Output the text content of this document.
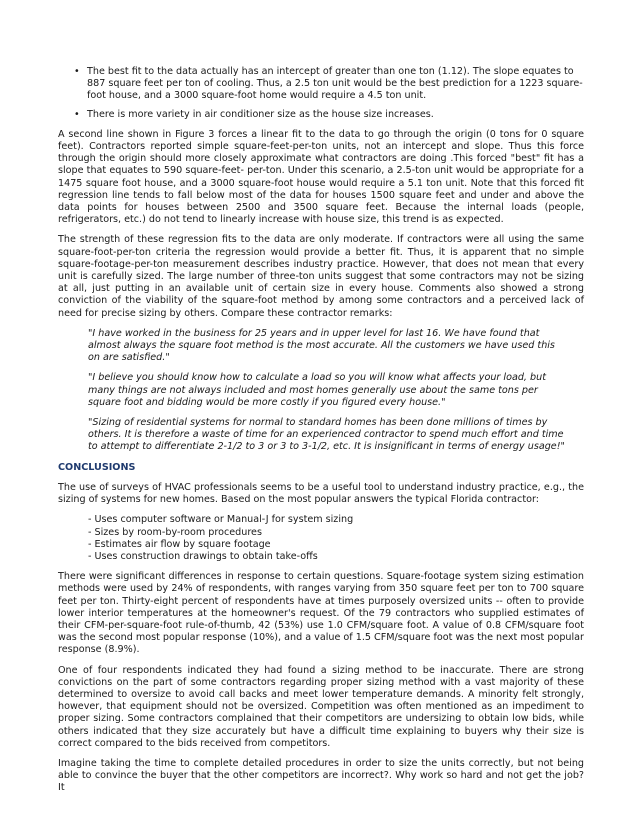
• The best fit to the data actually has an intercept of greater than one ton (1.12). The slope equates to 887 square feet per ton of cooling. Thus, a 2.5 ton unit would be the best prediction for a 1223 square-foot house, and a 3000 square-foot home would require a 4.5 ton unit.
• There is more variety in air conditioner size as the house size increases.

A second line shown in Figure 3 forces a linear fit to the data to go through the origin (0 tons for 0 square feet). Contractors reported simple square-feet-per-ton units, not an intercept and slope. Thus this force through the origin should more closely approximate what contractors are doing .This forced "best" fit has a slope that equates to 590 square-feet- per-ton. Under this scenario, a 2.5-ton unit would be appropriate for a 1475 square foot house, and a 3000 square-foot house would require a 5.1 ton unit. Note that this forced fit regression line tends to fall below most of the data for houses 1500 square feet and under and above the data points for houses between 2500 and 3500 square feet. Because the internal loads (people, refrigerators, etc.) do not tend to linearly increase with house size, this trend is as expected.

The strength of these regression fits to the data are only moderate. If contractors were all using the same square-foot-per-ton criteria the regression would provide a better fit. Thus, it is apparent that no simple square-footage-per-ton measurement describes industry practice. However, that does not mean that every unit is carefully sized. The large number of three-ton units suggest that some contractors may not be sizing at all, just putting in an available unit of certain size in every house. Comments also showed a strong conviction of the viability of the square-foot method by among some contractors and a perceived lack of need for precise sizing by others. Compare these contractor remarks:

"I have worked in the business for 25 years and in upper level for last 16. We have found that almost always the square foot method is the most accurate. All the customers we have used this on are satisfied."

"I believe you should know how to calculate a load so you will know what affects your load, but many things are not always included and most homes generally use about the same tons per square foot and bidding would be more costly if you figured every house."

"Sizing of residential systems for normal to standard homes has been done millions of times by others. It is therefore a waste of time for an experienced contractor to spend much effort and time to attempt to differentiate 2-1/2 to 3 or 3 to 3-1/2, etc. It is insignificant in terms of energy usage!"

CONCLUSIONS

The use of surveys of HVAC professionals seems to be a useful tool to understand industry practice, e.g., the sizing of systems for new homes. Based on the most popular answers the typical Florida contractor:

- Uses computer software or Manual-J for system sizing
- Sizes by room-by-room procedures
- Estimates air flow by square footage
- Uses construction drawings to obtain take-offs

There were significant differences in response to certain questions. Square-footage system sizing estimation methods were used by 24% of respondents, with ranges varying from 350 square feet per ton to 700 square feet per ton. Thirty-eight percent of respondents have at times purposely oversized units -- often to provide lower interior temperatures at the homeowner's request. Of the 79 contractors who supplied estimates of their CFM-per-square-foot rule-of-thumb, 42 (53%) use 1.0 CFM/square foot. A value of 0.8 CFM/square foot was the second most popular response (10%), and a value of 1.5 CFM/square foot was the next most popular response (8.9%).

One of four respondents indicated they had found a sizing method to be inaccurate. There are strong convictions on the part of some contractors regarding proper sizing method with a vast majority of these determined to oversize to avoid call backs and meet lower temperature demands. A minority felt strongly, however, that equipment should not be oversized. Competition was often mentioned as an impediment to proper sizing. Some contractors complained that their competitors are undersizing to obtain low bids, while others indicated that they size accurately but have a difficult time explaining to buyers why their size is correct compared to the bids received from competitors.

Imagine taking the time to complete detailed procedures in order to size the units correctly, but not being able to convince the buyer that the other competitors are incorrect?. Why work so hard and not get the job? It
